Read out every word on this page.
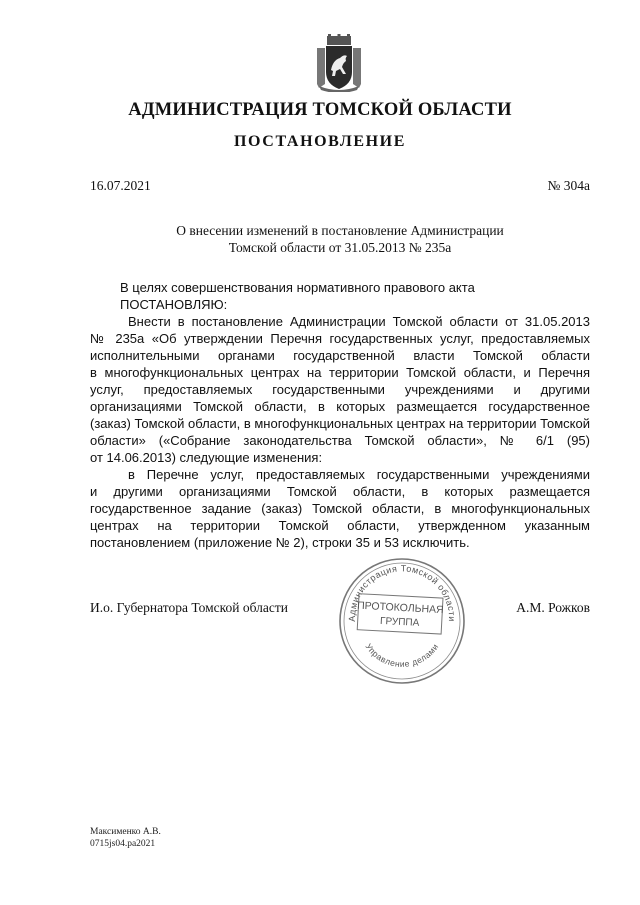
АДМИНИСТРАЦИЯ ТОМСКОЙ ОБЛАСТИ
ПОСТАНОВЛЕНИЕ
16.07.2021	№ 304а
О внесении изменений в постановление Администрации
Томской области от 31.05.2013 № 235а
В целях совершенствования нормативного правового акта
ПОСТАНОВЛЯЮ:
Внести в постановление Администрации Томской области от 31.05.2013
№ 235а «Об утверждении Перечня государственных услуг, предоставляемых
исполнительными органами государственной власти Томской области
в многофункциональных центрах на территории Томской области, и Перечня
услуг, предоставляемых государственными учреждениями и другими
организациями Томской области, в которых размещается государственное
(заказ) Томской области, в многофункциональных центрах на территории Томской
области» («Собрание законодательства Томской области», № 6/1 (95)
от 14.06.2013) следующие изменения:
в Перечне услуг, предоставляемых государственными учреждениями
и другими организациями Томской области, в которых размещается
государственное задание (заказ) Томской области, в многофункциональных
центрах на территории Томской области, утвержденном указанным
постановлением (приложение № 2), строки 35 и 53 исключить.
И.о. Губернатора Томской области	А.М. Рожков
Администрация Томской области
Управление делами
ПРОТОКОЛЬНАЯ
ГРУППА
Максименко А.В.
0715js04.ра2021
